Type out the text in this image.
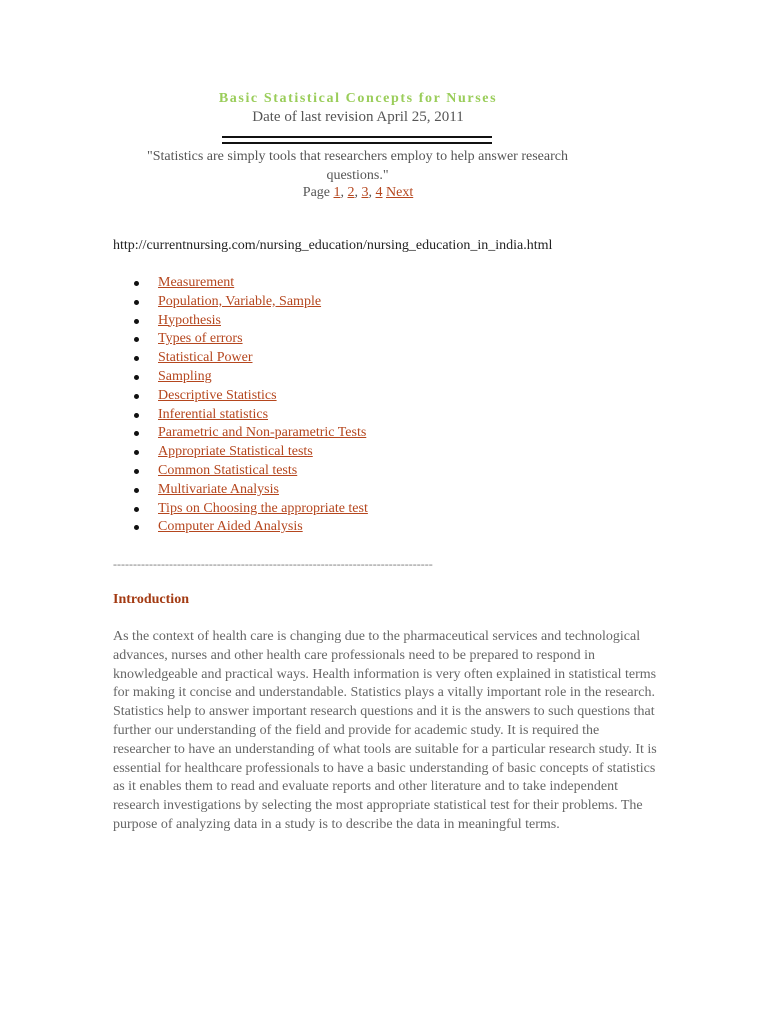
Basic Statistical Concepts for Nurses
Date of last revision April 25, 2011
"Statistics are simply tools that researchers employ to help answer research questions."
Page 1, 2, 3, 4 Next
http://currentnursing.com/nursing_education/nursing_education_in_india.html
Measurement
Population, Variable, Sample
Hypothesis
Types of errors
Statistical Power
Sampling
Descriptive Statistics
Inferential statistics
Parametric and Non-parametric Tests
Appropriate Statistical tests
Common Statistical tests
Multivariate Analysis
Tips on Choosing the appropriate test
Computer Aided Analysis
--------------------------------------------------------------------------------
Introduction

As the context of health care is changing due to the pharmaceutical services and technological advances, nurses and other health care professionals need to be prepared to respond in knowledgeable and practical ways. Health information is very often explained in statistical terms for making it concise and understandable. Statistics plays a vitally important role in the research. Statistics help to answer important research questions and it is the answers to such questions that further our understanding of the field and provide for academic study. It is required the researcher to have an understanding of what tools are suitable for a particular research study. It is essential for healthcare professionals to have a basic understanding of basic concepts of statistics as it enables them to read and evaluate reports and other literature and to take independent research investigations by selecting the most appropriate statistical test for their problems. The purpose of analyzing data in a study is to describe the data in meaningful terms.
